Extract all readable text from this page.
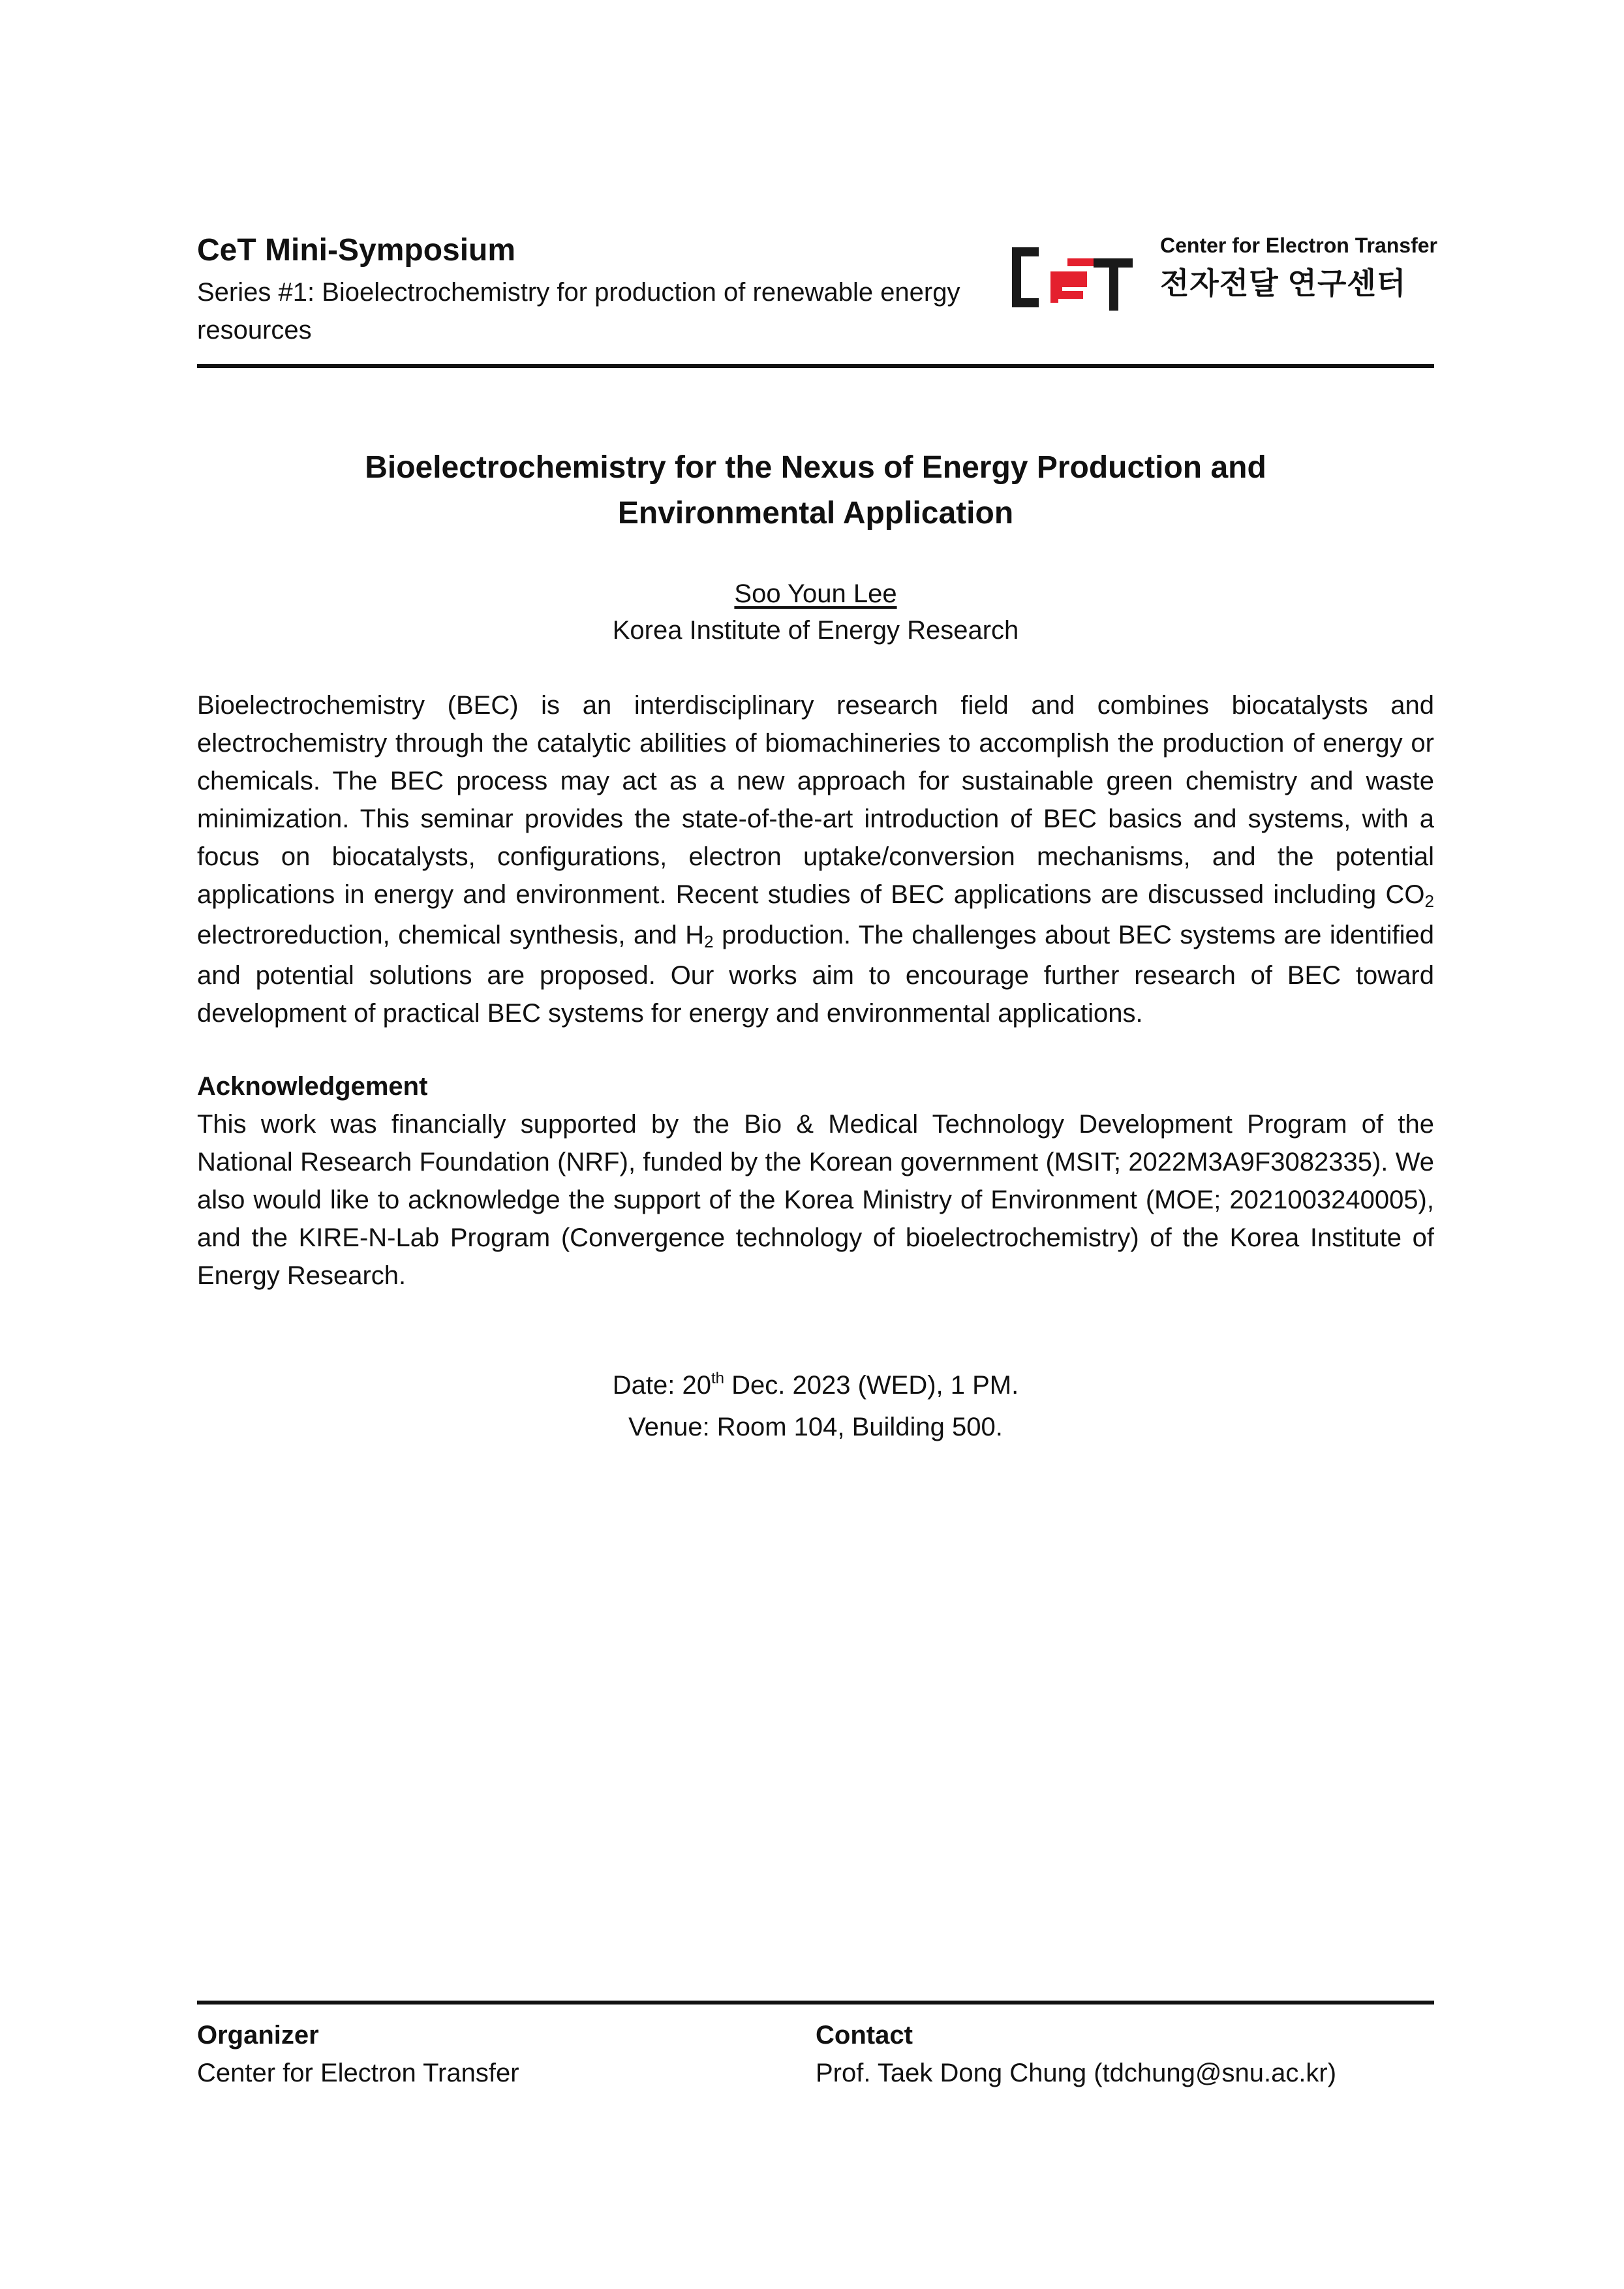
CeT Mini-Symposium
Series #1: Bioelectrochemistry for production of renewable energy resources
Center for Electron Transfer
전자전달 연구센터
Bioelectrochemistry for the Nexus of Energy Production and
Environmental Application
Soo Youn Lee
Korea Institute of Energy Research

Bioelectrochemistry (BEC) is an interdisciplinary research field and combines biocatalysts and electrochemistry through the catalytic abilities of biomachineries to accomplish the production of energy or chemicals. The BEC process may act as a new approach for sustainable green chemistry and waste minimization. This seminar provides the state-of-the-art introduction of BEC basics and systems, with a focus on biocatalysts, configurations, electron uptake/conversion mechanisms, and the potential applications in energy and environment. Recent studies of BEC applications are discussed including $CO_2$ electroreduction, chemical synthesis, and $H_2$ production. The challenges about BEC systems are identified and potential solutions are proposed. Our works aim to encourage further research of BEC toward development of practical BEC systems for energy and environmental applications.

Acknowledgement

This work was financially supported by the Bio & Medical Technology Development Program of the National Research Foundation (NRF), funded by the Korean government (MSIT; 2022M3A9F3082335). We also would like to acknowledge the support of the Korea Ministry of Environment (MOE; 2021003240005), and the KIRE-N-Lab Program (Convergence technology of bioelectrochemistry) of the Korea Institute of Energy Research.

Date: 20th Dec. 2023 (WED), 1 PM.
Venue: Room 104, Building 500.
Organizer
Center for Electron Transfer
Contact
Prof. Taek Dong Chung (tdchung@snu.ac.kr)
